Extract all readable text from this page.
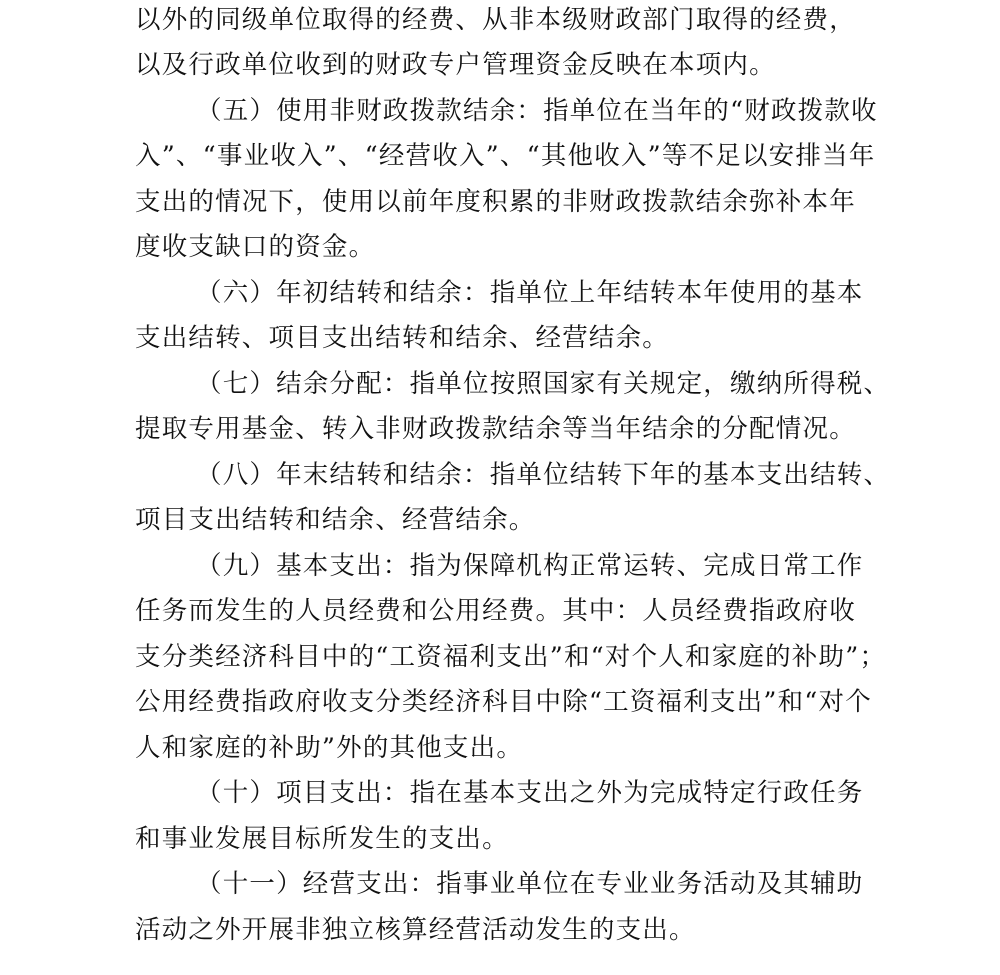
以外的同级单位取得的经费、从非本级财政部门取得的经费，
以及行政单位收到的财政专户管理资金反映在本项内。
（五）使用非财政拨款结余：指单位在当年的“财政拨款收
入”、“事业收入”、“经营收入”、“其他收入”等不足以安排当年
支出的情况下，使用以前年度积累的非财政拨款结余弥补本年
度收支缺口的资金。
（六）年初结转和结余：指单位上年结转本年使用的基本
支出结转、项目支出结转和结余、经营结余。
（七）结余分配：指单位按照国家有关规定，缴纳所得税、
提取专用基金、转入非财政拨款结余等当年结余的分配情况。
（八）年末结转和结余：指单位结转下年的基本支出结转、
项目支出结转和结余、经营结余。
（九）基本支出：指为保障机构正常运转、完成日常工作
任务而发生的人员经费和公用经费。其中：人员经费指政府收
支分类经济科目中的“工资福利支出”和“对个人和家庭的补助”；
公用经费指政府收支分类经济科目中除“工资福利支出”和“对个
人和家庭的补助”外的其他支出。
（十）项目支出：指在基本支出之外为完成特定行政任务
和事业发展目标所发生的支出。
（十一）经营支出：指事业单位在专业业务活动及其辅助
活动之外开展非独立核算经营活动发生的支出。
